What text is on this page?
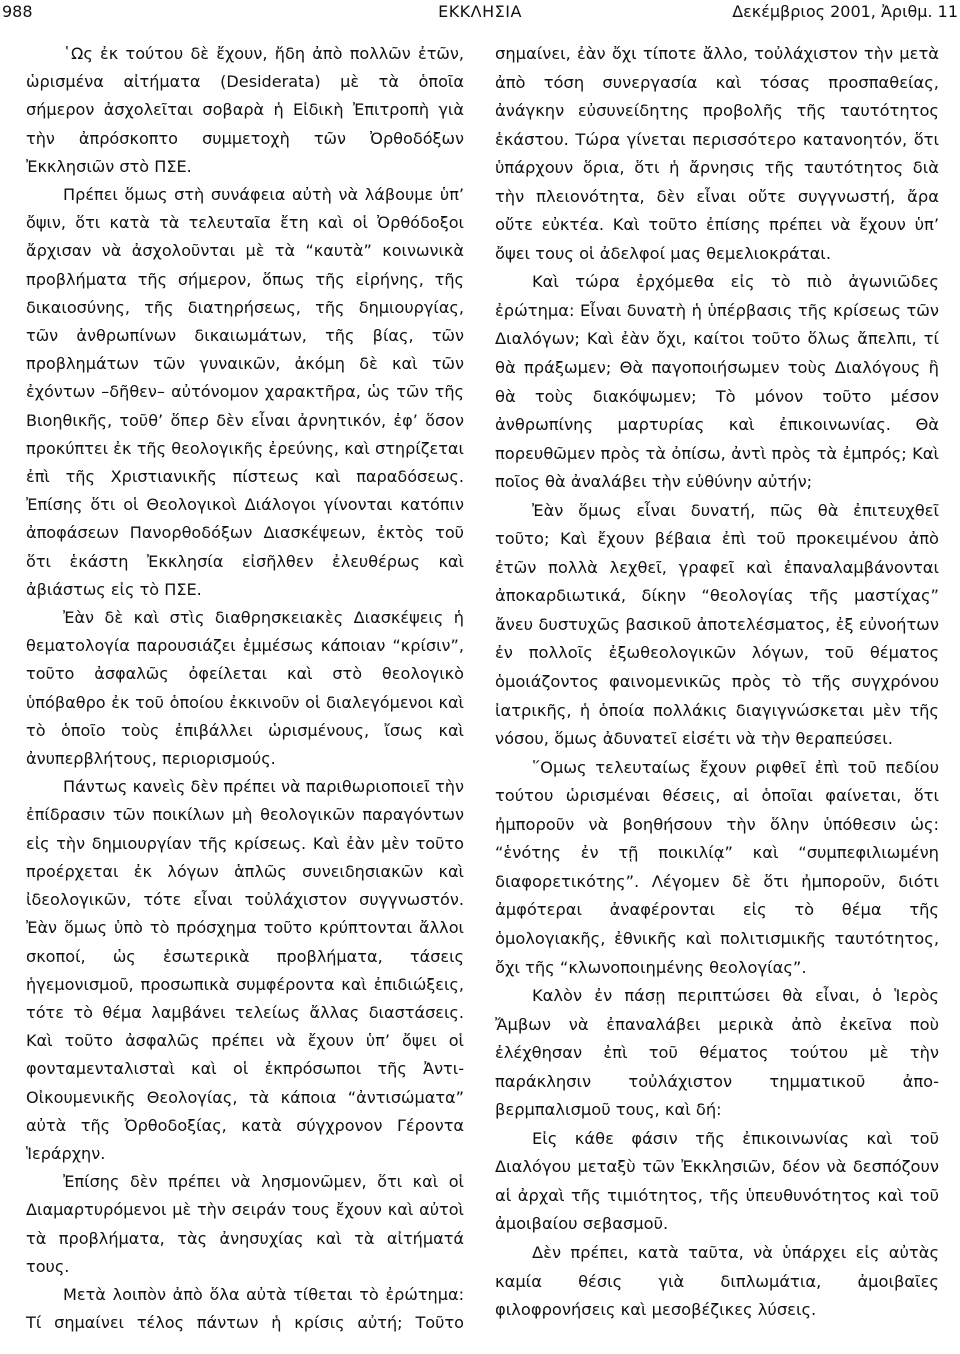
988	ΕΚΚΛΗΣΙΑ	Δεκέμβριος 2001, Ἀριθμ. 11

῾Ως ἐκ τούτου δὲ ἔχουν, ἤδη ἀπὸ πολλῶν ἐτῶν, ὡρισμένα αἰτήματα (Desiderata) μὲ τὰ ὁποῖα σήμερον ἀσχολεῖται σοβαρὰ ἡ Εἰδικὴ Ἐπιτροπὴ γιὰ τὴν ἀπρόσκοπτο συμμετοχὴ τῶν Ὀρθοδόξων Ἐκκλησιῶν στὸ ΠΣΕ.

Πρέπει ὅμως στὴ συνάφεια αὐτὴ νὰ λάβουμε ὑπ’ ὄψιν, ὅτι κατὰ τὰ τελευταῖα ἔτη καὶ οἱ Ὀρθόδοξοι ἄρχισαν νὰ ἀσχολοῦνται μὲ τὰ “καυτὰ” κοινωνικὰ προβλήματα τῆς σήμερον, ὅπως τῆς εἰρήνης, τῆς δικαιοσύνης, τῆς διατηρήσεως, τῆς δημιουργίας, τῶν ἀνθρωπίνων δικαιωμάτων, τῆς βίας, τῶν προβλημάτων τῶν γυναικῶν, ἀκόμη δὲ καὶ τῶν ἐχόντων –δῆθεν– αὐτόνομον χαρακτῆρα, ὡς τῶν τῆς Βιοηθικῆς, τοῦθ’ ὅπερ δὲν εἶναι ἀρνητικόν, ἐφ’ ὅσον προκύπτει ἐκ τῆς θεολογικῆς ἐρεύνης, καὶ στηρίζεται ἐπὶ τῆς Χριστιανικῆς πίστεως καὶ παραδόσεως. Ἐπίσης ὅτι οἱ Θεολογικοὶ Διάλογοι γίνονται κατόπιν ἀποφάσεων Πανορθοδόξων Διασκέψεων, ἐκτὸς τοῦ ὅτι ἑκάστη Ἐκκλησία εἰσῆλθεν ἐλευθέρως καὶ ἀβιάστως εἰς τὸ ΠΣΕ.

Ἐὰν δὲ καὶ στὶς διαθρησκειακὲς Διασκέψεις ἡ θεματολογία παρουσιάζει ἐμμέσως κάποιαν “κρίσιν”, τοῦτο ἀσφαλῶς ὀφείλεται καὶ στὸ θεολογικὸ ὑπόβαθρο ἐκ τοῦ ὁποίου ἐκκινοῦν οἱ διαλεγόμενοι καὶ τὸ ὁποῖο τοὺς ἐπιβάλλει ὡρισμένους, ἴσως καὶ ἀνυπερβλήτους, περιορισμούς.

Πάντως κανεὶς δὲν πρέπει νὰ παριθωριοποιεῖ τὴν ἐπίδρασιν τῶν ποικίλων μὴ θεολογικῶν παραγόντων εἰς τὴν δημιουργίαν τῆς κρίσεως. Καὶ ἐὰν μὲν τοῦτο προέρχεται ἐκ λόγων ἁπλῶς συνειδησιακῶν καὶ ἰδεολογικῶν, τότε εἶναι τοὐλάχιστον συγγνωστόν. Ἐὰν ὅμως ὑπὸ τὸ πρόσχημα τοῦτο κρύπτονται ἄλλοι σκοποί, ὡς ἐσωτερικὰ προβλήματα, τάσεις ἡγεμονισμοῦ, προσωπικὰ συμφέροντα καὶ ἐπιδιώξεις, τότε τὸ θέμα λαμβάνει τελείως ἄλλας διαστάσεις. Καὶ τοῦτο ἀσφαλῶς πρέπει νὰ ἔχουν ὑπ’ ὄψει οἱ φονταμενταλισταὶ καὶ οἱ ἐκπρόσωποι τῆς Ἀντι-Οἰκουμενικῆς Θεολογίας, τὰ κάποια “ἀντισώματα” αὐτὰ τῆς Ὀρθοδοξίας, κατὰ σύγχρονον Γέροντα Ἱεράρχην.

Ἐπίσης δὲν πρέπει νὰ λησμονῶμεν, ὅτι καὶ οἱ Διαμαρτυρόμενοι μὲ τὴν σειράν τους ἔχουν καὶ αὐτοὶ τὰ προβλήματα, τὰς ἀνησυχίας καὶ τὰ αἰτήματά τους.

Μετὰ λοιπὸν ἀπὸ ὅλα αὐτὰ τίθεται τὸ ἐρώτημα: Τί σημαίνει τέλος πάντων ἡ κρίσις αὐτή; Τοῦτο

σημαίνει, ἐὰν ὄχι τίποτε ἄλλο, τοὐλάχιστον τὴν μετὰ ἀπὸ τόση συνεργασία καὶ τόσας προσπαθείας, ἀνάγκην εὐσυνείδητης προβολῆς τῆς ταυτότητος ἑκάστου. Τώρα γίνεται περισσότερο κατανοητόν, ὅτι ὑπάρχουν ὅρια, ὅτι ἡ ἄρνησις τῆς ταυτότητος διὰ τὴν πλειονότητα, δὲν εἶναι οὔτε συγγνωστή, ἄρα οὔτε εὐκτέα. Καὶ τοῦτο ἐπίσης πρέπει νὰ ἔχουν ὑπ’ ὄψει τους οἱ ἀδελφοί μας θεμελιοκράται.

Καὶ τώρα ἐρχόμεθα εἰς τὸ πιὸ ἀγωνιῶδες ἐρώτημα: Εἶναι δυνατὴ ἡ ὑπέρβασις τῆς κρίσεως τῶν Διαλόγων; Καὶ ἐὰν ὄχι, καίτοι τοῦτο ὅλως ἄπελπι, τί θὰ πράξωμεν; Θὰ παγοποιήσωμεν τοὺς Διαλόγους ἢ θὰ τοὺς διακόψωμεν; Τὸ μόνον τοῦτο μέσον ἀνθρωπίνης μαρτυρίας καὶ ἐπικοινωνίας. Θὰ πορευθῶμεν πρὸς τὰ ὀπίσω, ἀντὶ πρὸς τὰ ἐμπρός; Καὶ ποῖος θὰ ἀναλάβει τὴν εὐθύνην αὐτήν;

Ἐὰν ὅμως εἶναι δυνατή, πῶς θὰ ἐπιτευχθεῖ τοῦτο; Καὶ ἔχουν βέβαια ἐπὶ τοῦ προκειμένου ἀπὸ ἐτῶν πολλὰ λεχθεῖ, γραφεῖ καὶ ἐπαναλαμβάνονται ἀποκαρδιωτικά, δίκην “θεολογίας τῆς μαστίχας” ἄνευ δυστυχῶς βασικοῦ ἀποτελέσματος, ἐξ εὐνοήτων ἐν πολλοῖς ἐξωθεολογικῶν λόγων, τοῦ θέματος ὁμοιάζοντος φαινομενικῶς πρὸς τὸ τῆς συγχρόνου ἰατρικῆς, ἡ ὁποία πολλάκις διαγιγνώσκεται μὲν τῆς νόσου, ὅμως ἀδυνατεῖ εἰσέτι νὰ τὴν θεραπεύσει.

῞Ομως τελευταίως ἔχουν ριφθεῖ ἐπὶ τοῦ πεδίου τούτου ὡρισμέναι θέσεις, αἱ ὁποῖαι φαίνεται, ὅτι ἠμποροῦν νὰ βοηθήσουν τὴν ὅλην ὑπόθεσιν ὡς: “ἑνότης ἐν τῇ ποικιλίᾳ” καὶ “συμπεφιλιωμένη διαφορετικότης”. Λέγομεν δὲ ὅτι ἠμποροῦν, διότι ἀμφότεραι ἀναφέρονται εἰς τὸ θέμα τῆς ὁμολογιακῆς, ἐθνικῆς καὶ πολιτισμικῆς ταυτότητος, ὄχι τῆς “κλωνοποιημένης θεολογίας”.

Καλὸν ἐν πάσῃ περιπτώσει θὰ εἶναι, ὁ Ἱερὸς Ἄμβων νὰ ἐπαναλάβει μερικὰ ἀπὸ ἐκεῖνα ποὺ ἐλέχθησαν ἐπὶ τοῦ θέματος τούτου μὲ τὴν παράκλησιν τοὐλάχιστον τημματικοῦ ἀπο-βερμπαλισμοῦ τους, καὶ δή:

Εἰς κάθε φάσιν τῆς ἐπικοινωνίας καὶ τοῦ Διαλόγου μεταξὺ τῶν Ἐκκλησιῶν, δέον νὰ δεσπόζουν αἱ ἀρχαὶ τῆς τιμιότητος, τῆς ὑπευθυνότητος καὶ τοῦ ἀμοιβαίου σεβασμοῦ.

Δὲν πρέπει, κατὰ ταῦτα, νὰ ὑπάρχει εἰς αὐτὰς καμία θέσις γιὰ διπλωμάτια, ἀμοιβαῖες φιλοφρονήσεις καὶ μεσοβέζικες λύσεις.
